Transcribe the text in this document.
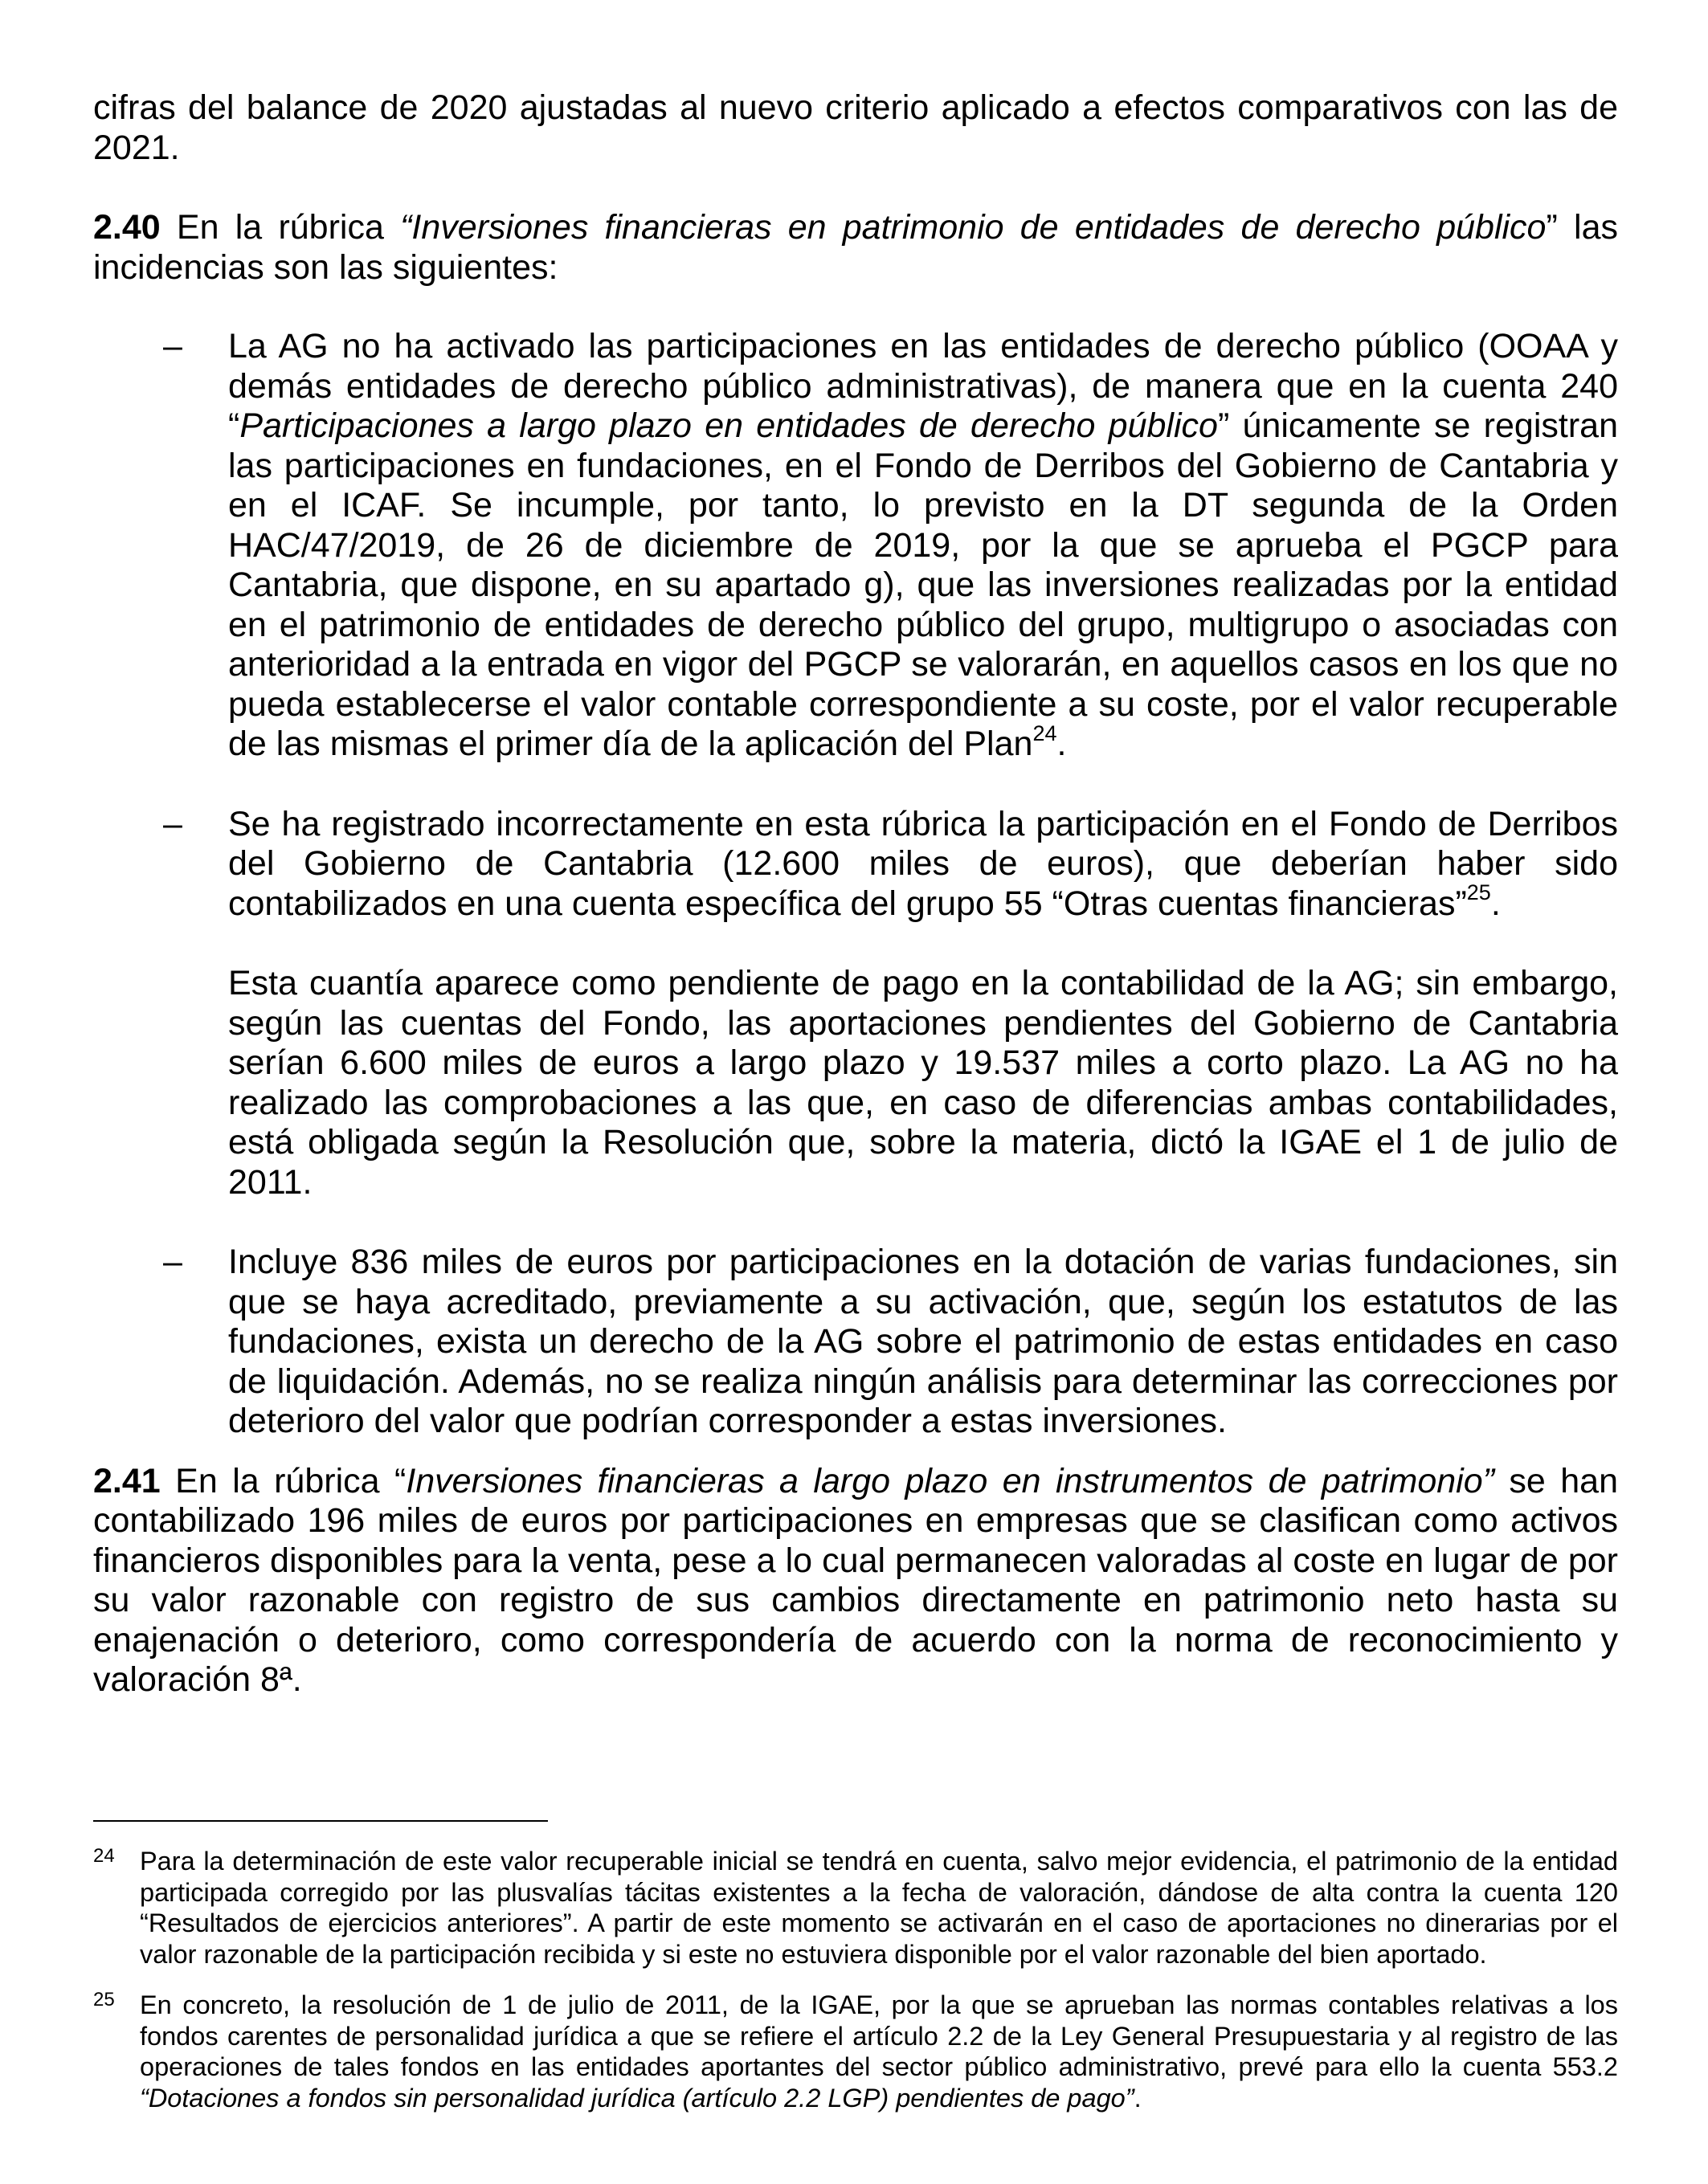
cifras del balance de 2020 ajustadas al nuevo criterio aplicado a efectos comparativos con las de 2021.

2.40 En la rúbrica “Inversiones financieras en patrimonio de entidades de derecho público” las incidencias son las siguientes:

– La AG no ha activado las participaciones en las entidades de derecho público (OOAA y demás entidades de derecho público administrativas), de manera que en la cuenta 240 “Participaciones a largo plazo en entidades de derecho público” únicamente se registran las participaciones en fundaciones, en el Fondo de Derribos del Gobierno de Cantabria y en el ICAF. Se incumple, por tanto, lo previsto en la DT segunda de la Orden HAC/47/2019, de 26 de diciembre de 2019, por la que se aprueba el PGCP para Cantabria, que dispone, en su apartado g), que las inversiones realizadas por la entidad en el patrimonio de entidades de derecho público del grupo, multigrupo o asociadas con anterioridad a la entrada en vigor del PGCP se valorarán, en aquellos casos en los que no pueda establecerse el valor contable correspondiente a su coste, por el valor recuperable de las mismas el primer día de la aplicación del Plan$^{24}$.

– Se ha registrado incorrectamente en esta rúbrica la participación en el Fondo de Derribos del Gobierno de Cantabria (12.600 miles de euros), que deberían haber sido contabilizados en una cuenta específica del grupo 55 “Otras cuentas financieras”$^{25}$.

Esta cuantía aparece como pendiente de pago en la contabilidad de la AG; sin embargo, según las cuentas del Fondo, las aportaciones pendientes del Gobierno de Cantabria serían 6.600 miles de euros a largo plazo y 19.537 miles a corto plazo. La AG no ha realizado las comprobaciones a las que, en caso de diferencias ambas contabilidades, está obligada según la Resolución que, sobre la materia, dictó la IGAE el 1 de julio de 2011.

– Incluye 836 miles de euros por participaciones en la dotación de varias fundaciones, sin que se haya acreditado, previamente a su activación, que, según los estatutos de las fundaciones, exista un derecho de la AG sobre el patrimonio de estas entidades en caso de liquidación. Además, no se realiza ningún análisis para determinar las correcciones por deterioro del valor que podrían corresponder a estas inversiones.

2.41 En la rúbrica “Inversiones financieras a largo plazo en instrumentos de patrimonio” se han contabilizado 196 miles de euros por participaciones en empresas que se clasifican como activos financieros disponibles para la venta, pese a lo cual permanecen valoradas al coste en lugar de por su valor razonable con registro de sus cambios directamente en patrimonio neto hasta su enajenación o deterioro, como correspondería de acuerdo con la norma de reconocimiento y valoración 8ª.

24 Para la determinación de este valor recuperable inicial se tendrá en cuenta, salvo mejor evidencia, el patrimonio de la entidad participada corregido por las plusvalías tácitas existentes a la fecha de valoración, dándose de alta contra la cuenta 120 “Resultados de ejercicios anteriores”. A partir de este momento se activarán en el caso de aportaciones no dinerarias por el valor razonable de la participación recibida y si este no estuviera disponible por el valor razonable del bien aportado.
25 En concreto, la resolución de 1 de julio de 2011, de la IGAE, por la que se aprueban las normas contables relativas a los fondos carentes de personalidad jurídica a que se refiere el artículo 2.2 de la Ley General Presupuestaria y al registro de las operaciones de tales fondos en las entidades aportantes del sector público administrativo, prevé para ello la cuenta 553.2 “Dotaciones a fondos sin personalidad jurídica (artículo 2.2 LGP) pendientes de pago”.
